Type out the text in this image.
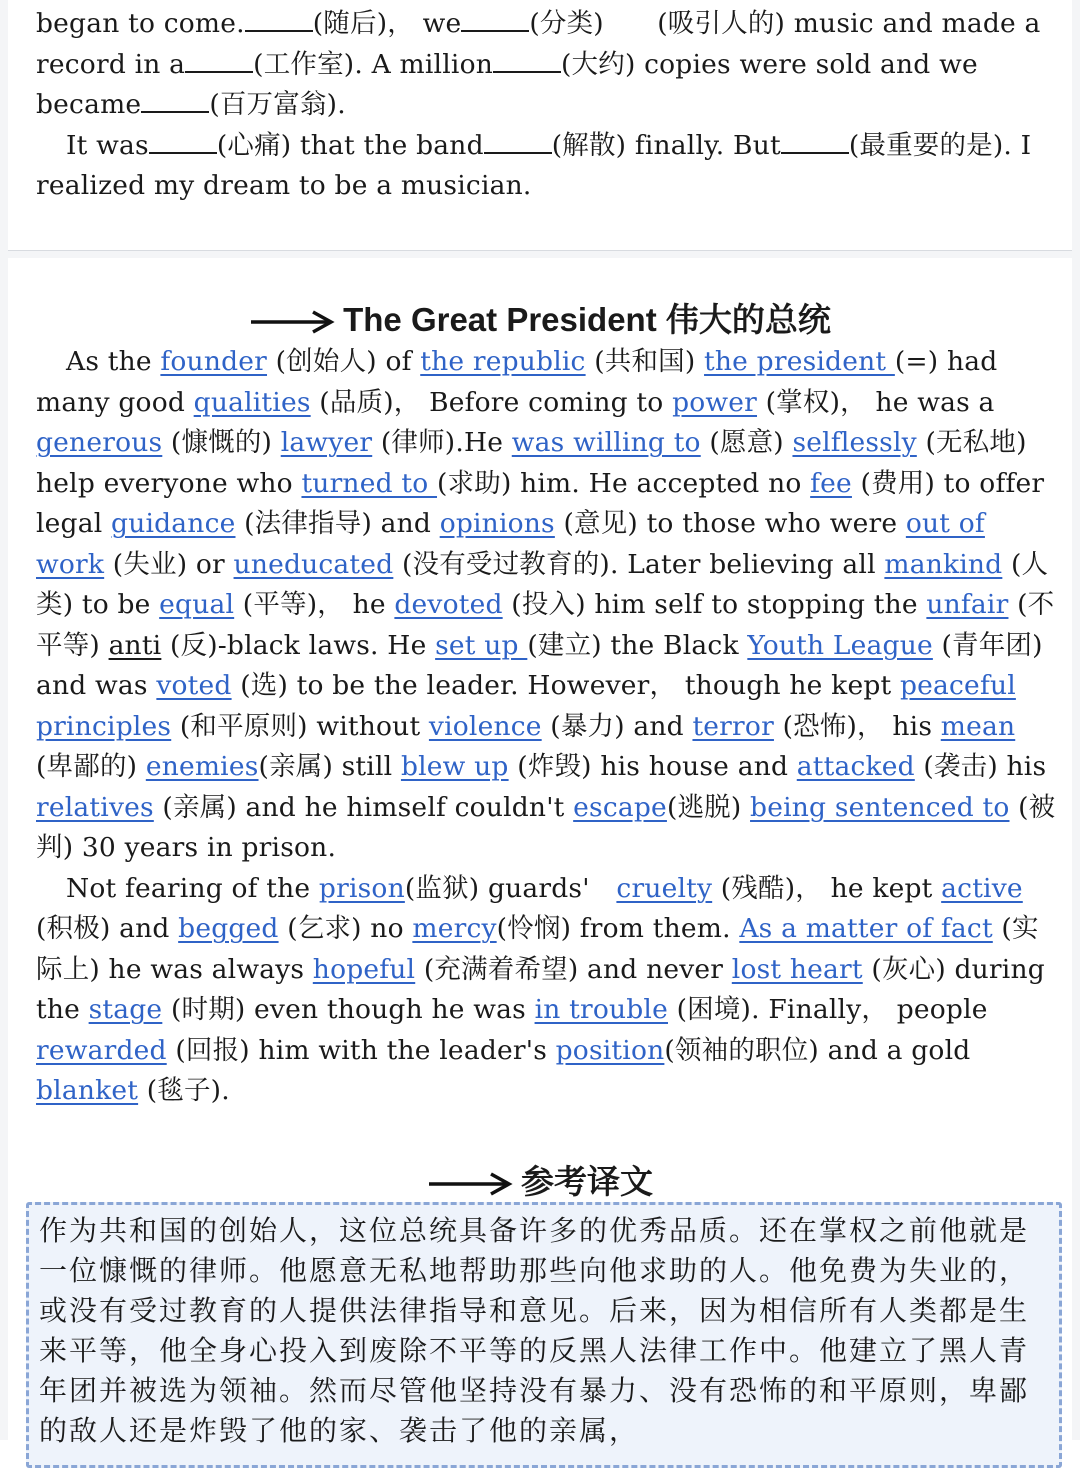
began to come.	(随后)， we	(分类)　　(吸引人的) music and made a record in a	(工作室). A million	(大约) copies were sold and we became	(百万富翁).

It was	(心痛) that the band	(解散) finally. But	(最重要的是). I realized my dream to be a musician.

The Great President 伟大的总统

As the founder (创始人) of the republic (共和国) the president (=) had many good qualities (品质)， Before coming to power (掌权)， he was a generous (慷慨的) lawyer (律师).He was willing to (愿意) selflessly (无私地) help everyone who turned to (求助) him. He accepted no fee (费用) to offer legal guidance (法律指导) and opinions (意见) to those who were out of work (失业) or uneducated (没有受过教育的). Later believing all mankind (人类) to be equal (平等)， he devoted (投入) him self to stopping the unfair (不平等) anti (反)-black laws. He set up (建立) the Black Youth League (青年团) and was voted (选) to be the leader. However， though he kept peaceful principles (和平原则) without violence (暴力) and terror (恐怖)， his mean (卑鄙的) enemies(亲属) still blew up (炸毁) his house and attacked (袭击) his relatives (亲属) and he himself couldn't escape(逃脱) being sentenced to (被判) 30 years in prison.

Not fearing of the prison(监狱) guards'　cruelty (残酷)， he kept active (积极) and begged (乞求) no mercy(怜悯) from them. As a matter of fact (实际上) he was always hopeful (充满着希望) and never lost heart (灰心) during the stage (时期) even though he was in trouble (困境). Finally， people rewarded (回报) him with the leader's position(领袖的职位) and a gold blanket (毯子).

参考译文
作为共和国的创始人，这位总统具备许多的优秀品质。还在掌权之前他就是一位慷慨的律师。他愿意无私地帮助那些向他求助的人。他免费为失业的，或没有受过教育的人提供法律指导和意见。后来，因为相信所有人类都是生来平等，他全身心投入到废除不平等的反黑人法律工作中。他建立了黑人青年团并被选为领袖。然而尽管他坚持没有暴力、没有恐怖的和平原则，卑鄙的敌人还是炸毁了他的家、袭击了他的亲属，
